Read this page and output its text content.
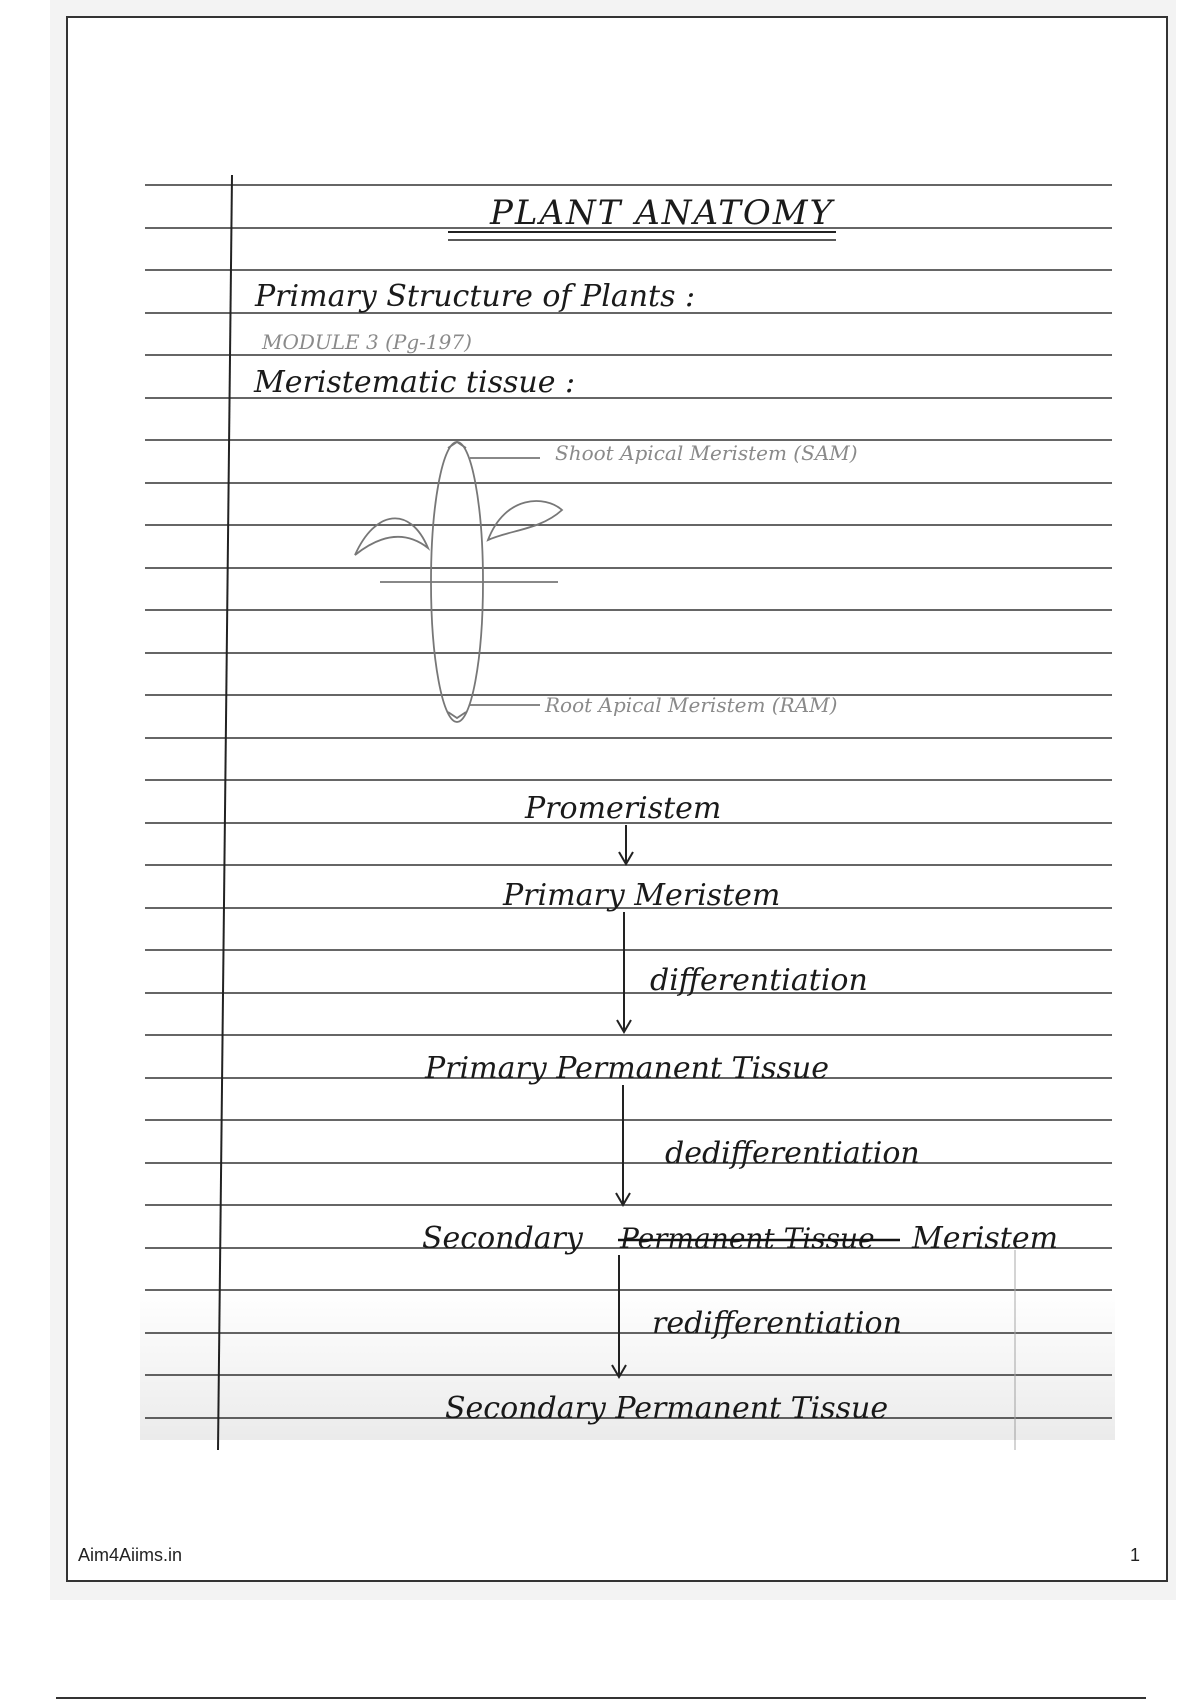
PLANT ANATOMY
Primary Structure of Plants :
MODULE 3 (Pg-197)
Meristematic tissue :
Shoot Apical Meristem (SAM)
Root Apical Meristem (RAM)
Promeristem
Primary Meristem
differentiation
Primary Permanent Tissue
dedifferentiation
Secondary Permanent Tissue Meristem
Aim4Aiims.in	1
